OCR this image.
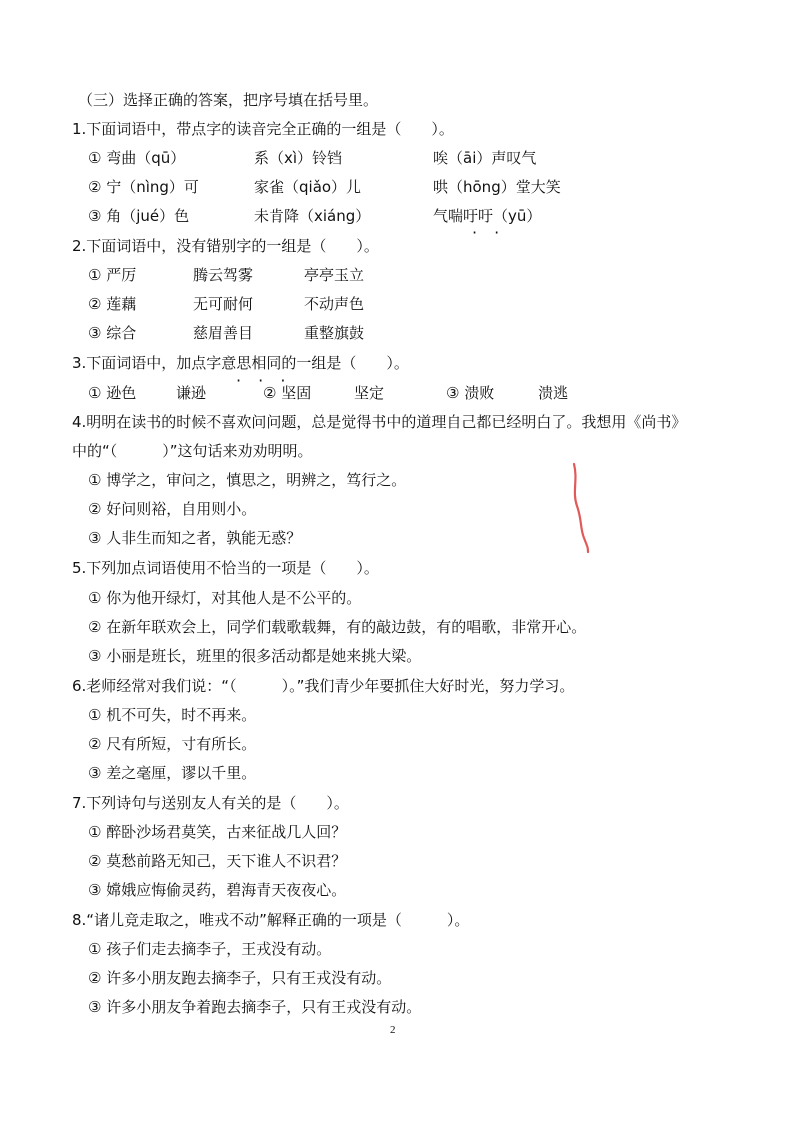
（三）选择正确的答案，把序号填在括号里。
1.下面词语中，带点字的读音完全正确的一组是（　　）。
① 弯曲（qū）	系（xì）铃铛	唉（āi）声叹气
② 宁（nìng）可	家雀（qiǎo）儿	哄（hōng）堂大笑
③ 角（jué）色	未肯降（xiáng）	气喘吁吁（yū）
· ·
2.下面词语中，没有错别字的一组是（　　）。
① 严厉	腾云驾雾	亭亭玉立
② 莲藕	无可耐何	不动声色
③ 综合	慈眉善目	重整旗鼓
3.下面词语中，加点字意思相同的一组是（　　）。
· · ·
① 逊色	谦逊	② 坚固	坚定	③ 溃败	溃逃
4.明明在读书的时候不喜欢问问题，总是觉得书中的道理自己都已经明白了。我想用《尚书》
中的“（　　　）”这句话来劝劝明明。
① 博学之，审问之，慎思之，明辨之，笃行之。
② 好问则裕，自用则小。
③ 人非生而知之者，孰能无惑？
5.下列加点词语使用不恰当的一项是（　　）。
① 你为他开绿灯，对其他人是不公平的。
② 在新年联欢会上，同学们载歌载舞，有的敲边鼓，有的唱歌，非常开心。
③ 小丽是班长，班里的很多活动都是她来挑大梁。
6.老师经常对我们说：“（　　　）。”我们青少年要抓住大好时光，努力学习。
① 机不可失，时不再来。
② 尺有所短，寸有所长。
③ 差之毫厘，谬以千里。
7.下列诗句与送别友人有关的是（　　）。
① 醉卧沙场君莫笑，古来征战几人回？
② 莫愁前路无知己，天下谁人不识君？
③ 嫦娥应悔偷灵药，碧海青天夜夜心。
8.“诸儿竞走取之，唯戎不动”解释正确的一项是（　　　）。
① 孩子们走去摘李子，王戎没有动。
② 许多小朋友跑去摘李子，只有王戎没有动。
③ 许多小朋友争着跑去摘李子，只有王戎没有动。
2
